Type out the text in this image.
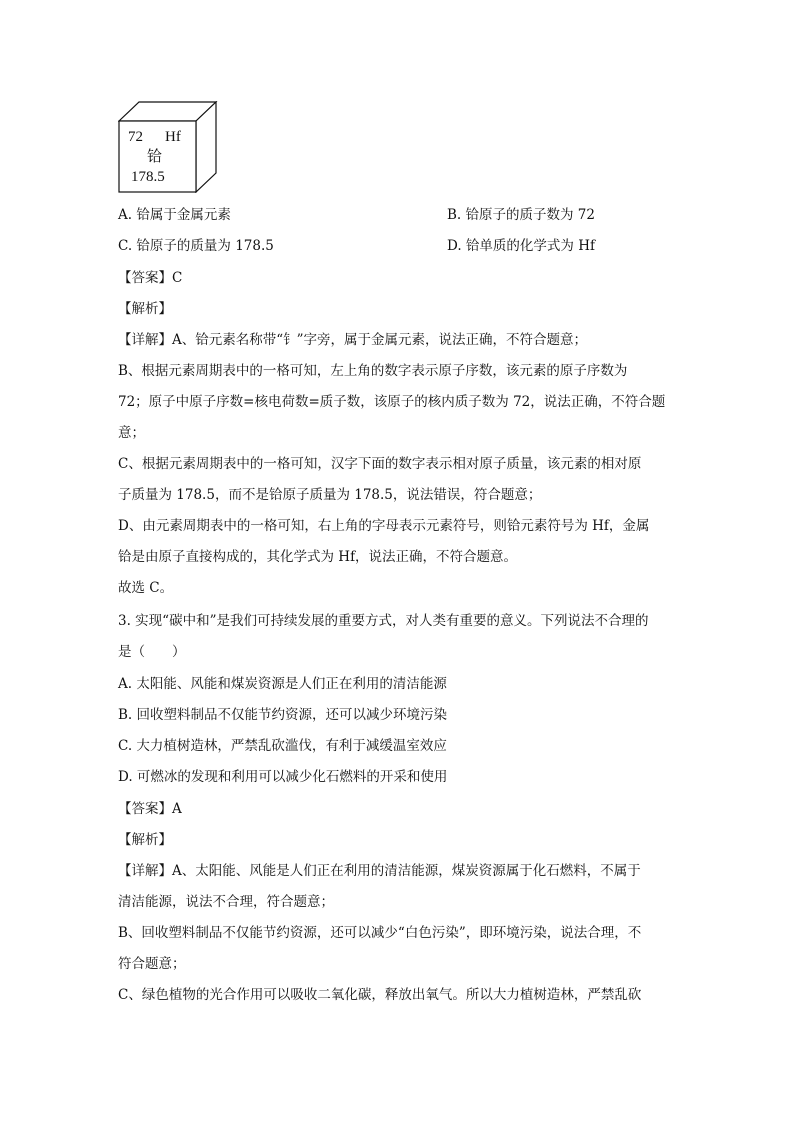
72 Hf
铪
178.5
A. 铪属于金属元素	B. 铪原子的质子数为 72
C. 铪原子的质量为 178.5	D. 铪单质的化学式为 Hf
【答案】C
【解析】
【详解】A、铪元素名称带“钅”字旁，属于金属元素，说法正确，不符合题意；
B、根据元素周期表中的一格可知，左上角的数字表示原子序数，该元素的原子序数为
72；原子中原子序数=核电荷数=质子数，该原子的核内质子数为 72，说法正确，不符合题
意；
C、根据元素周期表中的一格可知，汉字下面的数字表示相对原子质量，该元素的相对原
子质量为 178.5，而不是铪原子质量为 178.5，说法错误，符合题意；
D、由元素周期表中的一格可知，右上角的字母表示元素符号，则铪元素符号为 Hf，金属
铪是由原子直接构成的，其化学式为 Hf，说法正确，不符合题意。
故选 C。
3. 实现“碳中和”是我们可持续发展的重要方式，对人类有重要的意义。下列说法不合理的
是（　　）
A. 太阳能、风能和煤炭资源是人们正在利用的清洁能源
B. 回收塑料制品不仅能节约资源，还可以减少环境污染
C. 大力植树造林，严禁乱砍滥伐，有利于减缓温室效应
D. 可燃冰的发现和利用可以减少化石燃料的开采和使用
【答案】A
【解析】
【详解】A、太阳能、风能是人们正在利用的清洁能源，煤炭资源属于化石燃料，不属于
清洁能源，说法不合理，符合题意；
B、回收塑料制品不仅能节约资源，还可以减少“白色污染”，即环境污染，说法合理，不
符合题意；
C、绿色植物的光合作用可以吸收二氧化碳，释放出氧气。所以大力植树造林，严禁乱砍
